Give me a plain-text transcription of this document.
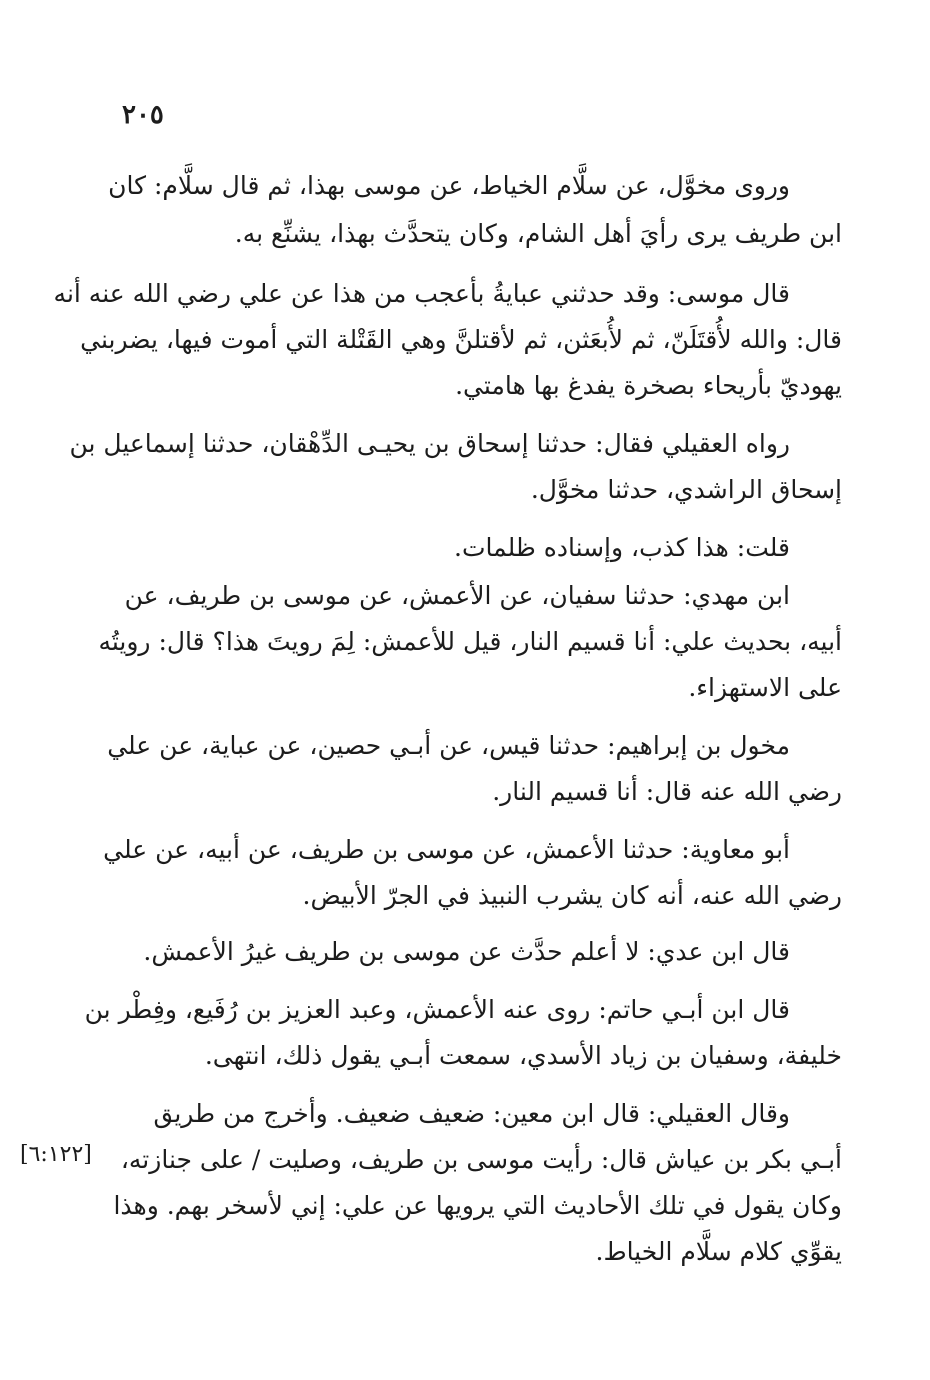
٢٠٥
وروى مخوَّل، عن سلَّام الخياط، عن موسى بهذا، ثم قال سلَّام: كان
ابن طريف يرى رأيَ أهل الشام، وكان يتحدَّث بهذا، يشنِّع به.
قال موسى: وقد حدثني عبايةُ بأعجب من هذا عن علي رضي الله عنه أنه
قال: والله لأُقتَلَنّ، ثم لأُبعَثن، ثم لأقتلنَّ وهي القَتْلة التي أموت فيها، يضربني
يهوديّ بأريحاء بصخرة يفدغ بها هامتي.
رواه العقيلي فقال: حدثنا إسحاق بن يحيـى الدِّهْقان، حدثنا إسماعيل بن
إسحاق الراشدي، حدثنا مخوَّل.
قلت: هذا كذب، وإسناده ظلمات.
ابن مهدي: حدثنا سفيان، عن الأعمش، عن موسى بن طريف، عن
أبيه، بحديث علي: أنا قسيم النار، قيل للأعمش: لِمَ رويتَ هذا؟ قال: رويتُه
على الاستهزاء.
مخول بن إبراهيم: حدثنا قيس، عن أبـي حصين، عن عباية، عن علي
رضي الله عنه قال: أنا قسيم النار.
أبو معاوية: حدثنا الأعمش، عن موسى بن طريف، عن أبيه، عن علي
رضي الله عنه، أنه كان يشرب النبيذ في الجرّ الأبيض.
قال ابن عدي: لا أعلم حدَّث عن موسى بن طريف غيرُ الأعمش.
قال ابن أبـي حاتم: روى عنه الأعمش، وعبد العزيز بن رُفَيع، وفِطْر بن
خليفة، وسفيان بن زياد الأسدي، سمعت أبـي يقول ذلك، انتهى.
وقال العقيلي: قال ابن معين: ضعيف ضعيف. وأخرج من طريق
أبـي بكر بن عياش قال: رأيت موسى بن طريف، وصليت / على جنازته،
وكان يقول في تلك الأحاديث التي يرويها عن علي: إني لأسخر بهم. وهذا
يقوِّي كلام سلَّام الخياط.
[٦:١٢٢]
